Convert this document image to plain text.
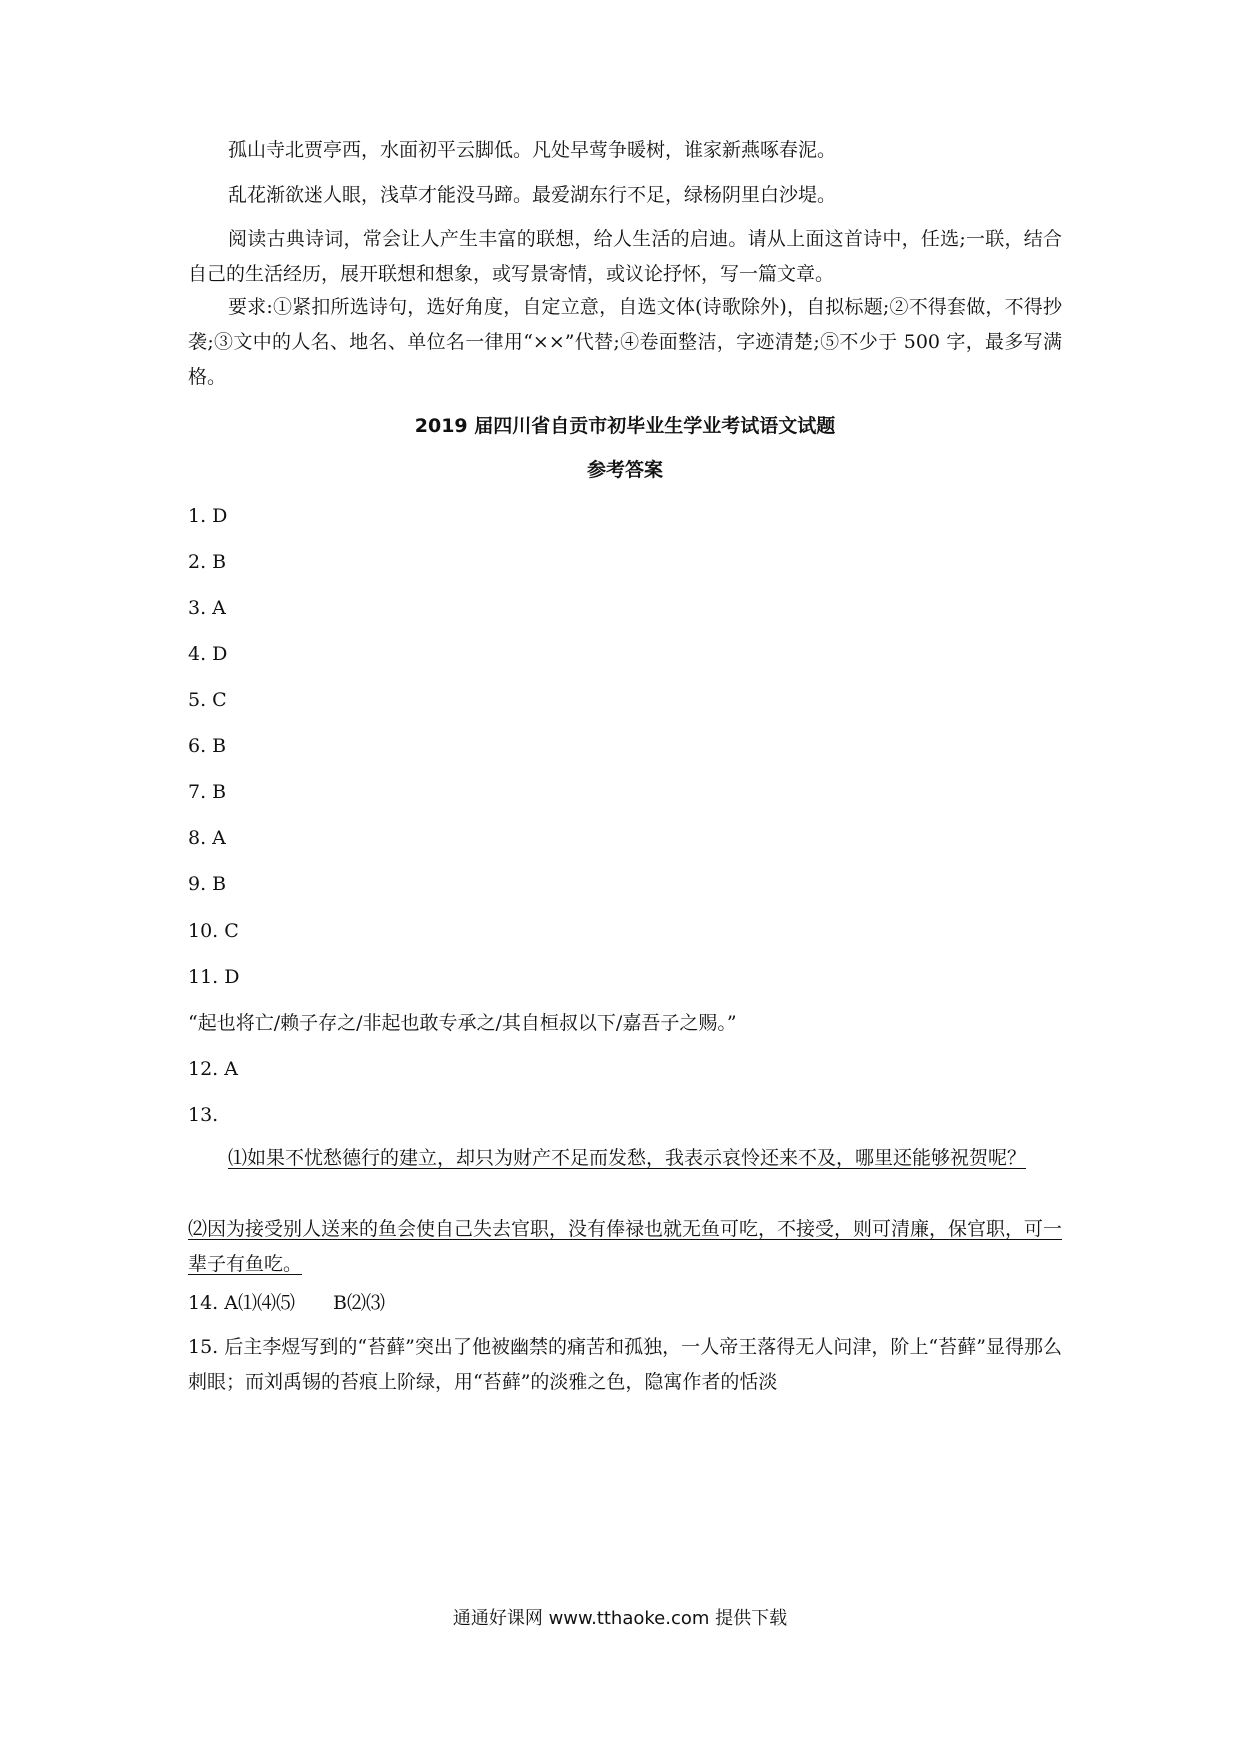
孤山寺北贾亭西，水面初平云脚低。凡处早莺争暖树，谁家新燕啄春泥。
乱花渐欲迷人眼，浅草才能没马蹄。最爱湖东行不足，绿杨阴里白沙堤。
阅读古典诗词，常会让人产生丰富的联想，给人生活的启迪。请从上面这首诗中，任选;一联，结合自己的生活经历，展开联想和想象，或写景寄情，或议论抒怀，写一篇文章。
要求:①紧扣所选诗句，选好角度，自定立意，自选文体(诗歌除外)，自拟标题;②不得套做，不得抄袭;③文中的人名、地名、单位名一律用“××”代替;④卷面整洁，字迹清楚;⑤不少于 500 字，最多写满格。
2019 届四川省自贡市初毕业生学业考试语文试题
参考答案
1. D
2. B
3. A
4. D
5. C
6. B
7. B
8. A
9. B
10. C
11. D
“起也将亡/赖子存之/非起也敢专承之/其自桓叔以下/嘉吾子之赐。”
12. A
13.
⑴如果不忧愁德行的建立，却只为财产不足而发愁，我表示哀怜还来不及，哪里还能够祝贺呢？
⑵因为接受别人送来的鱼会使自己失去官职，没有俸禄也就无鱼可吃，不接受，则可清廉，保官职，可一辈子有鱼吃。
14. A⑴⑷⑸　　B⑵⑶
15. 后主李煜写到的“苔藓”突出了他被幽禁的痛苦和孤独，一人帝王落得无人问津，阶上“苔藓”显得那么刺眼；而刘禹锡的苔痕上阶绿，用“苔藓”的淡雅之色，隐寓作者的恬淡
通通好课网 www.tthaoke.com 提供下载
